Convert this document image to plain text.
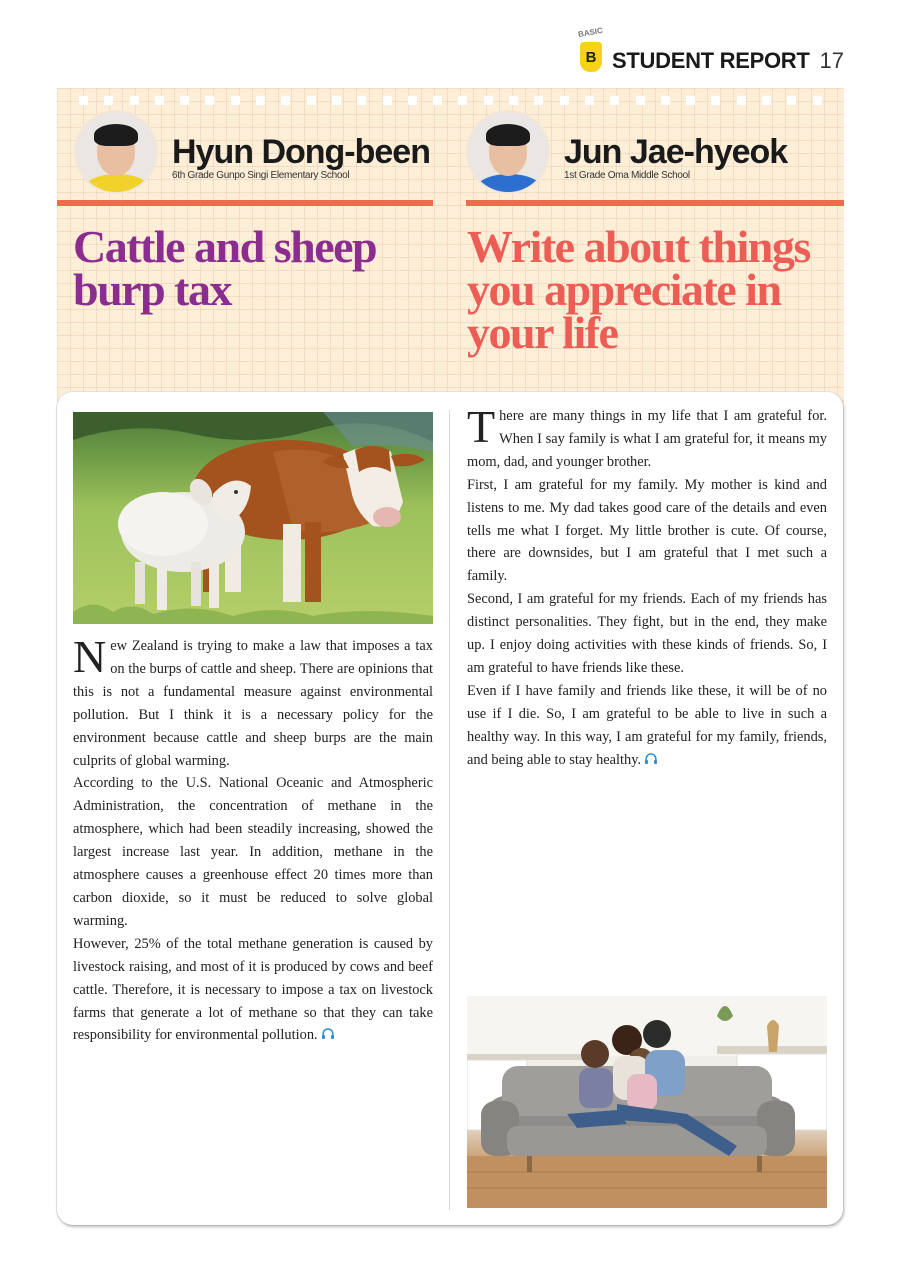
BASIC
B STUDENT REPORT 17
Hyun Dong-been
6th Grade Gunpo Singi Elementary School
Jun Jae-hyeok
1st Grade Oma Middle School
Cattle and sheep burp tax
Write about things you appreciate in your life

New Zealand is trying to make a law that imposes a tax on the burps of cattle and sheep. There are opinions that this is not a fundamental measure against environmental pollution. But I think it is a necessary policy for the environment because cattle and sheep burps are the main culprits of global warming.

According to the U.S. National Oceanic and Atmospheric Administration, the concentration of methane in the atmosphere, which had been steadily increasing, showed the largest increase last year. In addition, methane in the atmosphere causes a greenhouse effect 20 times more than carbon dioxide, so it must be reduced to solve global warming.

However, 25% of the total methane generation is caused by livestock raising, and most of it is produced by cows and beef cattle. Therefore, it is necessary to impose a tax on livestock farms that generate a lot of methane so that they can take responsibility for environmental pollution.

There are many things in my life that I am grateful for. When I say family is what I am grateful for, it means my mom, dad, and younger brother.

First, I am grateful for my family. My mother is kind and listens to me. My dad takes good care of the details and even tells me what I forget. My little brother is cute. Of course, there are downsides, but I am grateful that I met such a family.

Second, I am grateful for my friends. Each of my friends has distinct personalities. They fight, but in the end, they make up. I enjoy doing activities with these kinds of friends. So, I am grateful to have friends like these.

Even if I have family and friends like these, it will be of no use if I die. So, I am grateful to be able to live in such a healthy way. In this way, I am grateful for my family, friends, and being able to stay healthy.
